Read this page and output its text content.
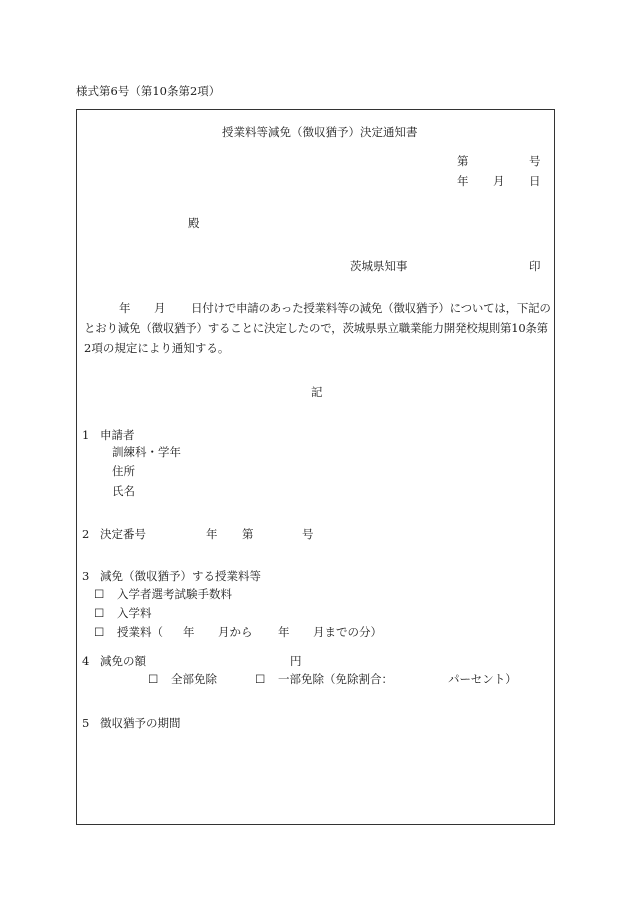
様式第6号（第10条第2項）
授業料等減免（徴収猶予）決定通知書
第	号
年 月 日
殿
茨城県知事	印
年 月 日付けで申請のあった授業料等の減免（徴収猶予）については，下記の
とおり減免（徴収猶予）することに決定したので，茨城県県立職業能力開発校規則第10条第
2項の規定により通知する。
記
1 申請者
訓練科・学年
住所
氏名
2 決定番号	年 第	号
3 減免（徴収猶予）する授業料等
☐ 入学者選考試験手数料
☐ 入学料
☐ 授業料（ 年 月から 年 月までの分）
4 減免の額	円
☐ 全部免除	☐ 一部免除（免除割合：	パーセント）
5 徴収猶予の期間
